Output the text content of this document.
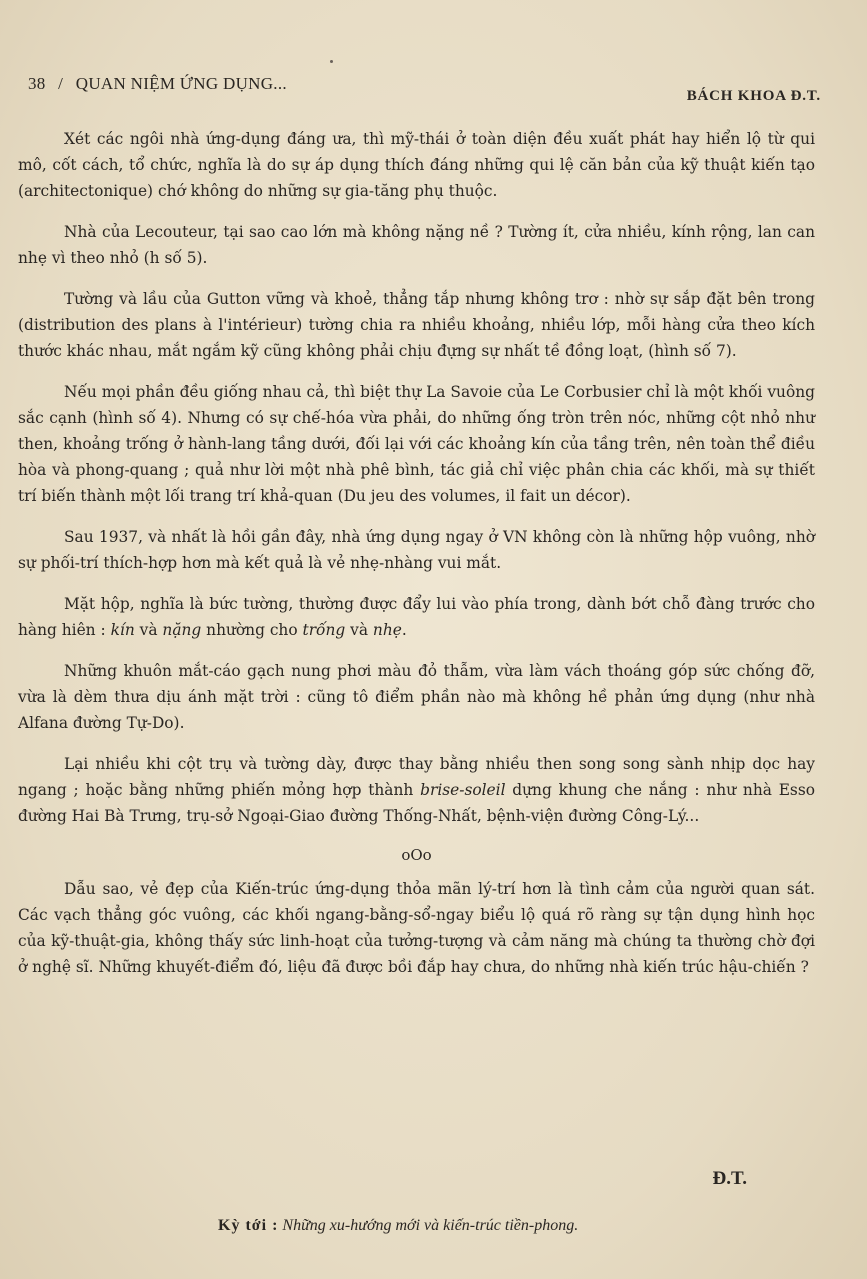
38 / QUAN NIỆM ỨNG DỤNG...
BÁCH KHOA Đ.T.

Xét các ngôi nhà ứng-dụng đáng ưa, thì mỹ-thái ở toàn diện đều xuất phát hay hiển lộ từ qui mô, cốt cách, tổ chức, nghĩa là do sự áp dụng thích đáng những qui lệ căn bản của kỹ thuật kiến tạo (architectonique) chớ không do những sự gia-tăng phụ thuộc.

Nhà của Lecouteur, tại sao cao lớn mà không nặng nề ? Tường ít, cửa nhiều, kính rộng, lan can nhẹ vì theo nhỏ (h số 5).

Tường và lầu của Gutton vững và khoẻ, thẳng tắp nhưng không trơ : nhờ sự sắp đặt bên trong (distribution des plans à l'intérieur) tường chia ra nhiều khoảng, nhiều lớp, mỗi hàng cửa theo kích thước khác nhau, mắt ngắm kỹ cũng không phải chịu đựng sự nhất tề đồng loạt, (hình số 7).

Nếu mọi phần đều giống nhau cả, thì biệt thự La Savoie của Le Corbusier chỉ là một khối vuông sắc cạnh (hình số 4). Nhưng có sự chế-hóa vừa phải, do những ống tròn trên nóc, những cột nhỏ như then, khoảng trống ở hành-lang tầng dưới, đối lại với các khoảng kín của tầng trên, nên toàn thể điều hòa và phong-quang ; quả như lời một nhà phê bình, tác giả chỉ việc phân chia các khối, mà sự thiết trí biến thành một lối trang trí khả-quan (Du jeu des volumes, il fait un décor).

Sau 1937, và nhất là hồi gần đây, nhà ứng dụng ngay ở VN không còn là những hộp vuông, nhờ sự phối-trí thích-hợp hơn mà kết quả là vẻ nhẹ-nhàng vui mắt.

Mặt hộp, nghĩa là bức tường, thường được đẩy lui vào phía trong, dành bớt chỗ đàng trước cho hàng hiên : kín và nặng nhường cho trống và nhẹ.

Những khuôn mắt-cáo gạch nung phơi màu đỏ thẫm, vừa làm vách thoáng góp sức chống đỡ, vừa là dèm thưa dịu ánh mặt trời : cũng tô điểm phần nào mà không hề phản ứng dụng (như nhà Alfana đường Tự-Do).

Lại nhiều khi cột trụ và tường dày, được thay bằng nhiều then song song sành nhịp dọc hay ngang ; hoặc bằng những phiến mỏng hợp thành brise-soleil dựng khung che nắng : như nhà Esso đường Hai Bà Trưng, trụ-sở Ngoại-Giao đường Thống-Nhất, bệnh-viện đường Công-Lý...

oOo

Dẫu sao, vẻ đẹp của Kiến-trúc ứng-dụng thỏa mãn lý-trí hơn là tình cảm của người quan sát. Các vạch thẳng góc vuông, các khối ngang-bằng-sổ-ngay biểu lộ quá rõ ràng sự tận dụng hình học của kỹ-thuật-gia, không thấy sức linh-hoạt của tưởng-tượng và cảm năng mà chúng ta thường chờ đợi ở nghệ sĩ. Những khuyết-điểm đó, liệu đã được bồi đắp hay chưa, do những nhà kiến trúc hậu-chiến ?

Đ.T.
Kỳ tới : Những xu-hướng mới và kiến-trúc tiền-phong.
